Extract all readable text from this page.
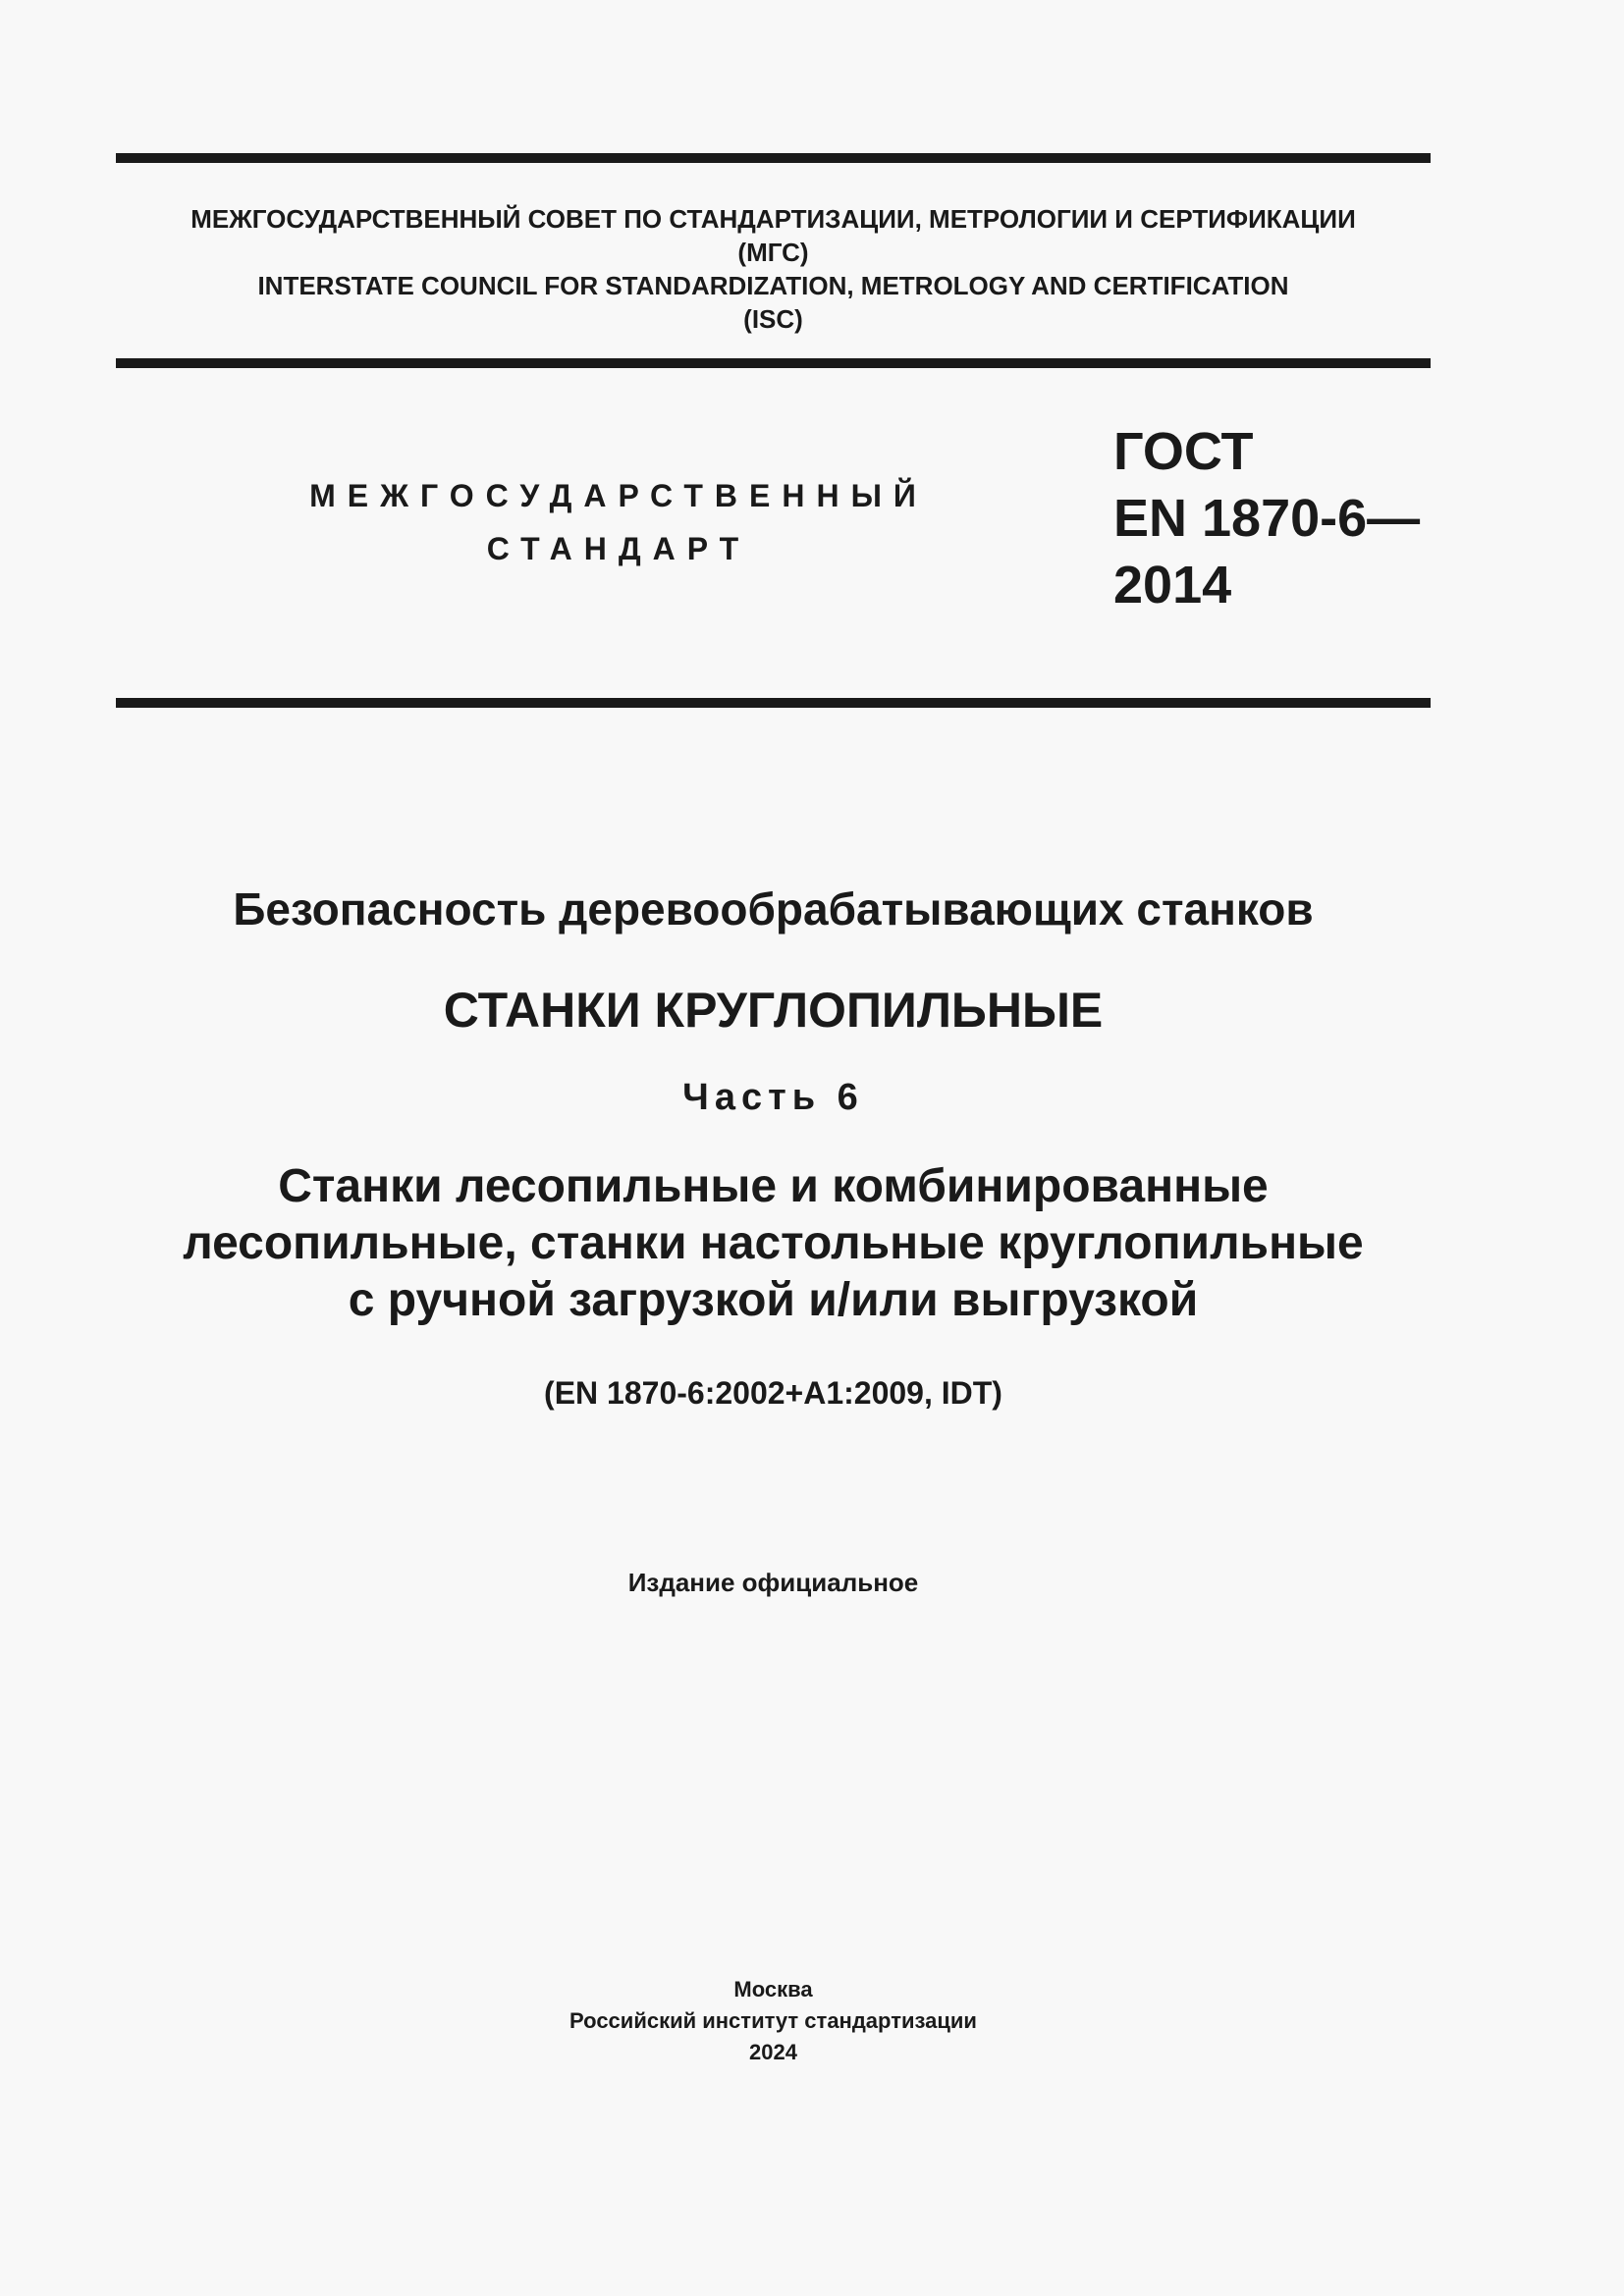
МЕЖГОСУДАРСТВЕННЫЙ СОВЕТ ПО СТАНДАРТИЗАЦИИ, МЕТРОЛОГИИ И СЕРТИФИКАЦИИ
(МГС)
INTERSTATE COUNCIL FOR STANDARDIZATION, METROLOGY AND CERTIFICATION
(ISC)
МЕЖГОСУДАРСТВЕННЫЙ
СТАНДАРТ
ГОСТ
EN 1870-6—
2014
Безопасность деревообрабатывающих станков
СТАНКИ КРУГЛОПИЛЬНЫЕ
Часть 6
Станки лесопильные и комбинированные
лесопильные, станки настольные круглопильные
с ручной загрузкой и/или выгрузкой
(EN 1870-6:2002+A1:2009, IDT)
Издание официальное
Москва
Российский институт стандартизации
2024
